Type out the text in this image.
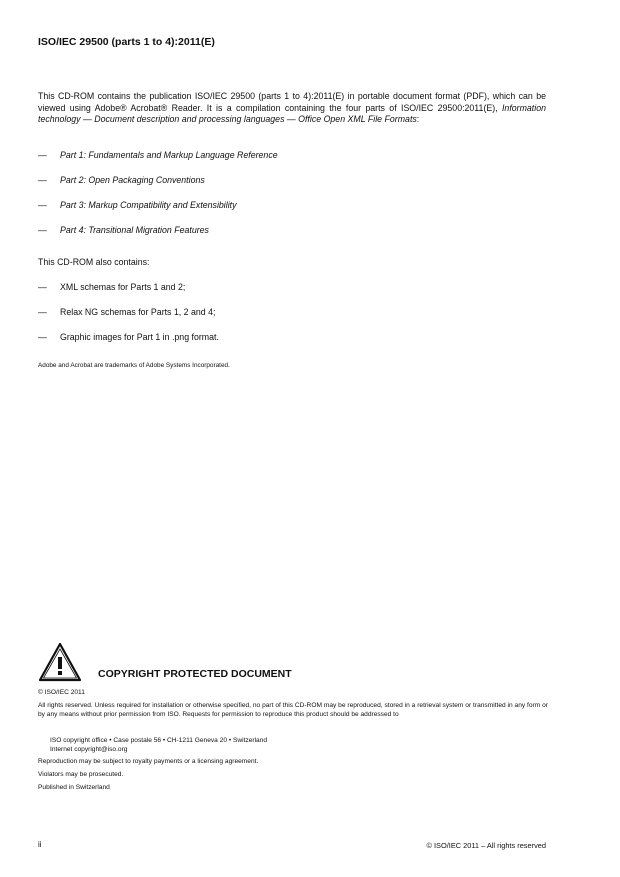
ISO/IEC 29500 (parts 1 to 4):2011(E)
This CD-ROM contains the publication ISO/IEC 29500 (parts 1 to 4):2011(E) in portable document format (PDF), which can be viewed using Adobe® Acrobat® Reader. It is a compilation containing the four parts of ISO/IEC 29500:2011(E), Information technology — Document description and processing languages — Office Open XML File Formats:
— Part 1: Fundamentals and Markup Language Reference
— Part 2: Open Packaging Conventions
— Part 3: Markup Compatibility and Extensibility
— Part 4: Transitional Migration Features
This CD-ROM also contains:
— XML schemas for Parts 1 and 2;
— Relax NG schemas for Parts 1, 2 and 4;
— Graphic images for Part 1 in .png format.
Adobe and Acrobat are trademarks of Adobe Systems Incorporated.
COPYRIGHT PROTECTED DOCUMENT
© ISO/IEC 2011
All rights reserved. Unless required for installation or otherwise specified, no part of this CD-ROM may be reproduced, stored in a retrieval system or transmitted in any form or by any means without prior permission from ISO. Requests for permission to reproduce this product should be addressed to
ISO copyright office • Case postale 56 • CH-1211 Geneva 20 • Switzerland
Internet copyright@iso.org
Reproduction may be subject to royalty payments or a licensing agreement.
Violators may be prosecuted.
Published in Switzerland
ii	© ISO/IEC 2011 – All rights reserved
